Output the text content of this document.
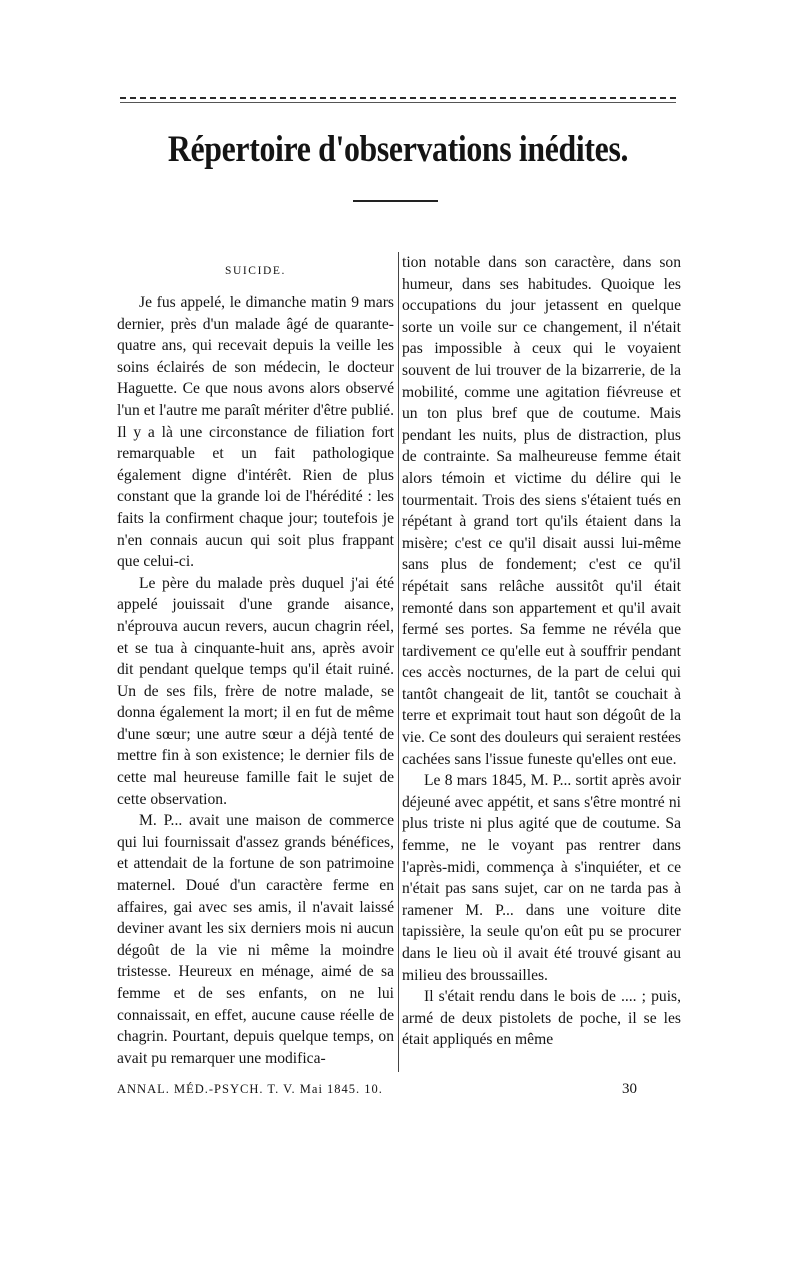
Répertoire d'observations inédites.
SUICIDE.

Je fus appelé, le dimanche matin 9 mars dernier, près d'un malade âgé de quarante-quatre ans, qui recevait depuis la veille les soins éclairés de son médecin, le docteur Haguette. Ce que nous avons alors observé l'un et l'autre me paraît mériter d'être publié. Il y a là une circonstance de filiation fort remarquable et un fait pathologique également digne d'intérêt. Rien de plus constant que la grande loi de l'hérédité : les faits la confirment chaque jour; toutefois je n'en connais aucun qui soit plus frappant que celui-ci.

Le père du malade près duquel j'ai été appelé jouissait d'une grande aisance, n'éprouva aucun revers, aucun chagrin réel, et se tua à cinquante-huit ans, après avoir dit pendant quelque temps qu'il était ruiné. Un de ses fils, frère de notre malade, se donna également la mort; il en fut de même d'une sœur; une autre sœur a déjà tenté de mettre fin à son existence; le dernier fils de cette mal heureuse famille fait le sujet de cette observation.

M. P... avait une maison de commerce qui lui fournissait d'assez grands bénéfices, et attendait de la fortune de son patrimoine maternel. Doué d'un caractère ferme en affaires, gai avec ses amis, il n'avait laissé deviner avant les six derniers mois ni aucun dégoût de la vie ni même la moindre tristesse. Heureux en ménage, aimé de sa femme et de ses enfants, on ne lui connaissait, en effet, aucune cause réelle de chagrin. Pourtant, depuis quelque temps, on avait pu remarquer une modifica-

tion notable dans son caractère, dans son humeur, dans ses habitudes. Quoique les occupations du jour jetassent en quelque sorte un voile sur ce changement, il n'était pas impossible à ceux qui le voyaient souvent de lui trouver de la bizarrerie, de la mobilité, comme une agitation fiévreuse et un ton plus bref que de coutume. Mais pendant les nuits, plus de distraction, plus de contrainte. Sa malheureuse femme était alors témoin et victime du délire qui le tourmentait. Trois des siens s'étaient tués en répétant à grand tort qu'ils étaient dans la misère; c'est ce qu'il disait aussi lui-même sans plus de fondement; c'est ce qu'il répétait sans relâche aussitôt qu'il était remonté dans son appartement et qu'il avait fermé ses portes. Sa femme ne révéla que tardivement ce qu'elle eut à souffrir pendant ces accès nocturnes, de la part de celui qui tantôt changeait de lit, tantôt se couchait à terre et exprimait tout haut son dégoût de la vie. Ce sont des douleurs qui seraient restées cachées sans l'issue funeste qu'elles ont eue.

Le 8 mars 1845, M. P... sortit après avoir déjeuné avec appétit, et sans s'être montré ni plus triste ni plus agité que de coutume. Sa femme, ne le voyant pas rentrer dans l'après-midi, commença à s'inquiéter, et ce n'était pas sans sujet, car on ne tarda pas à ramener M. P... dans une voiture dite tapissière, la seule qu'on eût pu se procurer dans le lieu où il avait été trouvé gisant au milieu des broussailles.

Il s'était rendu dans le bois de .... ; puis, armé de deux pistolets de poche, il se les était appliqués en même

ANNAL. MÉD.-PSYCH. T. V. Mai 1845. 10.	30
